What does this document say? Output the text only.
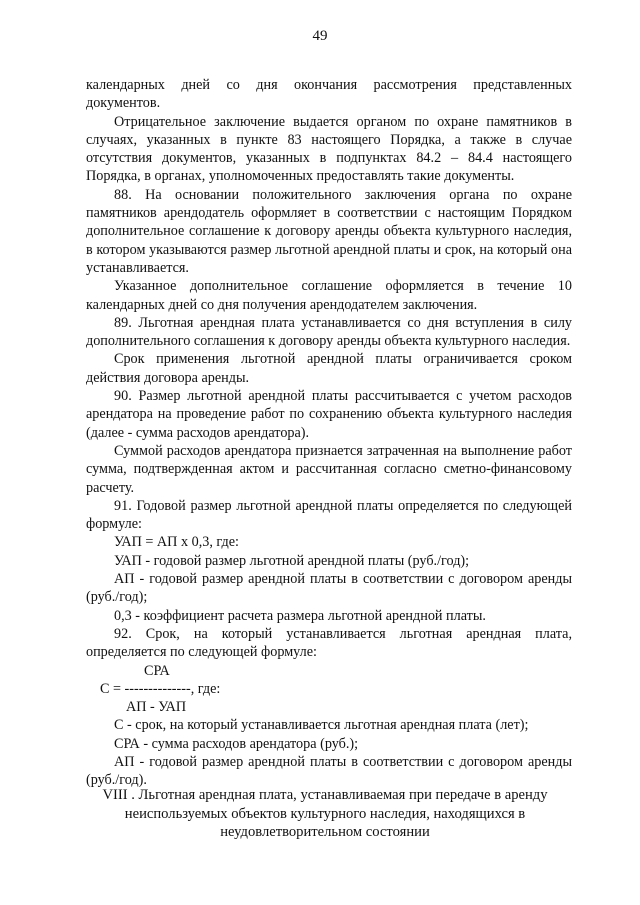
49

календарных дней со дня окончания рассмотрения представленных документов.

Отрицательное заключение выдается органом по охране памятников в случаях, указанных в пункте 83 настоящего Порядка, а также в случае отсутствия документов, указанных в подпунктах 84.2 – 84.4 настоящего Порядка, в органах, уполномоченных предоставлять такие документы.

88. На основании положительного заключения органа по охране памятников арендодатель оформляет в соответствии с настоящим Порядком дополнительное соглашение к договору аренды объекта культурного наследия, в котором указываются размер льготной арендной платы и срок, на который она устанавливается.

Указанное дополнительное соглашение оформляется в течение 10 календарных дней со дня получения арендодателем заключения.

89. Льготная арендная плата устанавливается со дня вступления в силу дополнительного соглашения к договору аренды объекта культурного наследия.

Срок применения льготной арендной платы ограничивается сроком действия договора аренды.

90. Размер льготной арендной платы рассчитывается с учетом расходов арендатора на проведение работ по сохранению объекта культурного наследия (далее - сумма расходов арендатора).

Суммой расходов арендатора признается затраченная на выполнение работ сумма, подтвержденная актом и рассчитанная согласно сметно-финансовому расчету.

91. Годовой размер льготной арендной платы определяется по следующей формуле:

УАП = АП х 0,3, где:

УАП - годовой размер льготной арендной платы (руб./год);

АП - годовой размер арендной платы в соответствии с договором аренды (руб./год);

0,3 - коэффициент расчета размера льготной арендной платы.

92. Срок, на который устанавливается льготная арендная плата, определяется по следующей формуле:

СРА

С = --------------, где:

АП - УАП

С - срок, на который устанавливается льготная арендная плата (лет);

СРА - сумма расходов арендатора (руб.);

АП - годовой размер арендной платы в соответствии с договором аренды (руб./год).

VIII . Льготная арендная плата, устанавливаемая при передаче в аренду неиспользуемых объектов культурного наследия, находящихся в неудовлетворительном состоянии
